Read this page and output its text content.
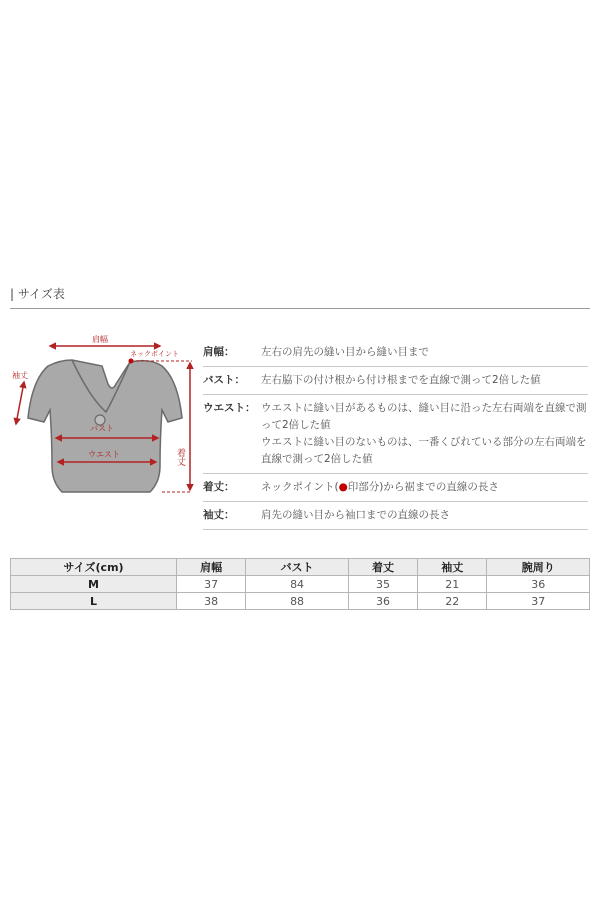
| サイズ表
肩幅
ネックポイント
袖丈
バスト
ウエスト	着丈
肩幅：	左右の肩先の縫い目から縫い目まで
バスト：	左右脇下の付け根から付け根までを直線で測って2倍した値
ウエスト： ウエストに縫い目があるものは、縫い目に沿った左右両端を直線で測って2倍した値
ウエストに縫い目のないものは、一番くびれている部分の左右両端を直線で測って2倍した値
着丈：	ネックポイント(●印部分)から裾までの直線の長さ
袖丈：	肩先の縫い目から袖口までの直線の長さ
サイズ(cm)	肩幅	バスト	着丈	袖丈	腕周り
M	37	84	35	21	36
L	38	88	36	22	37
